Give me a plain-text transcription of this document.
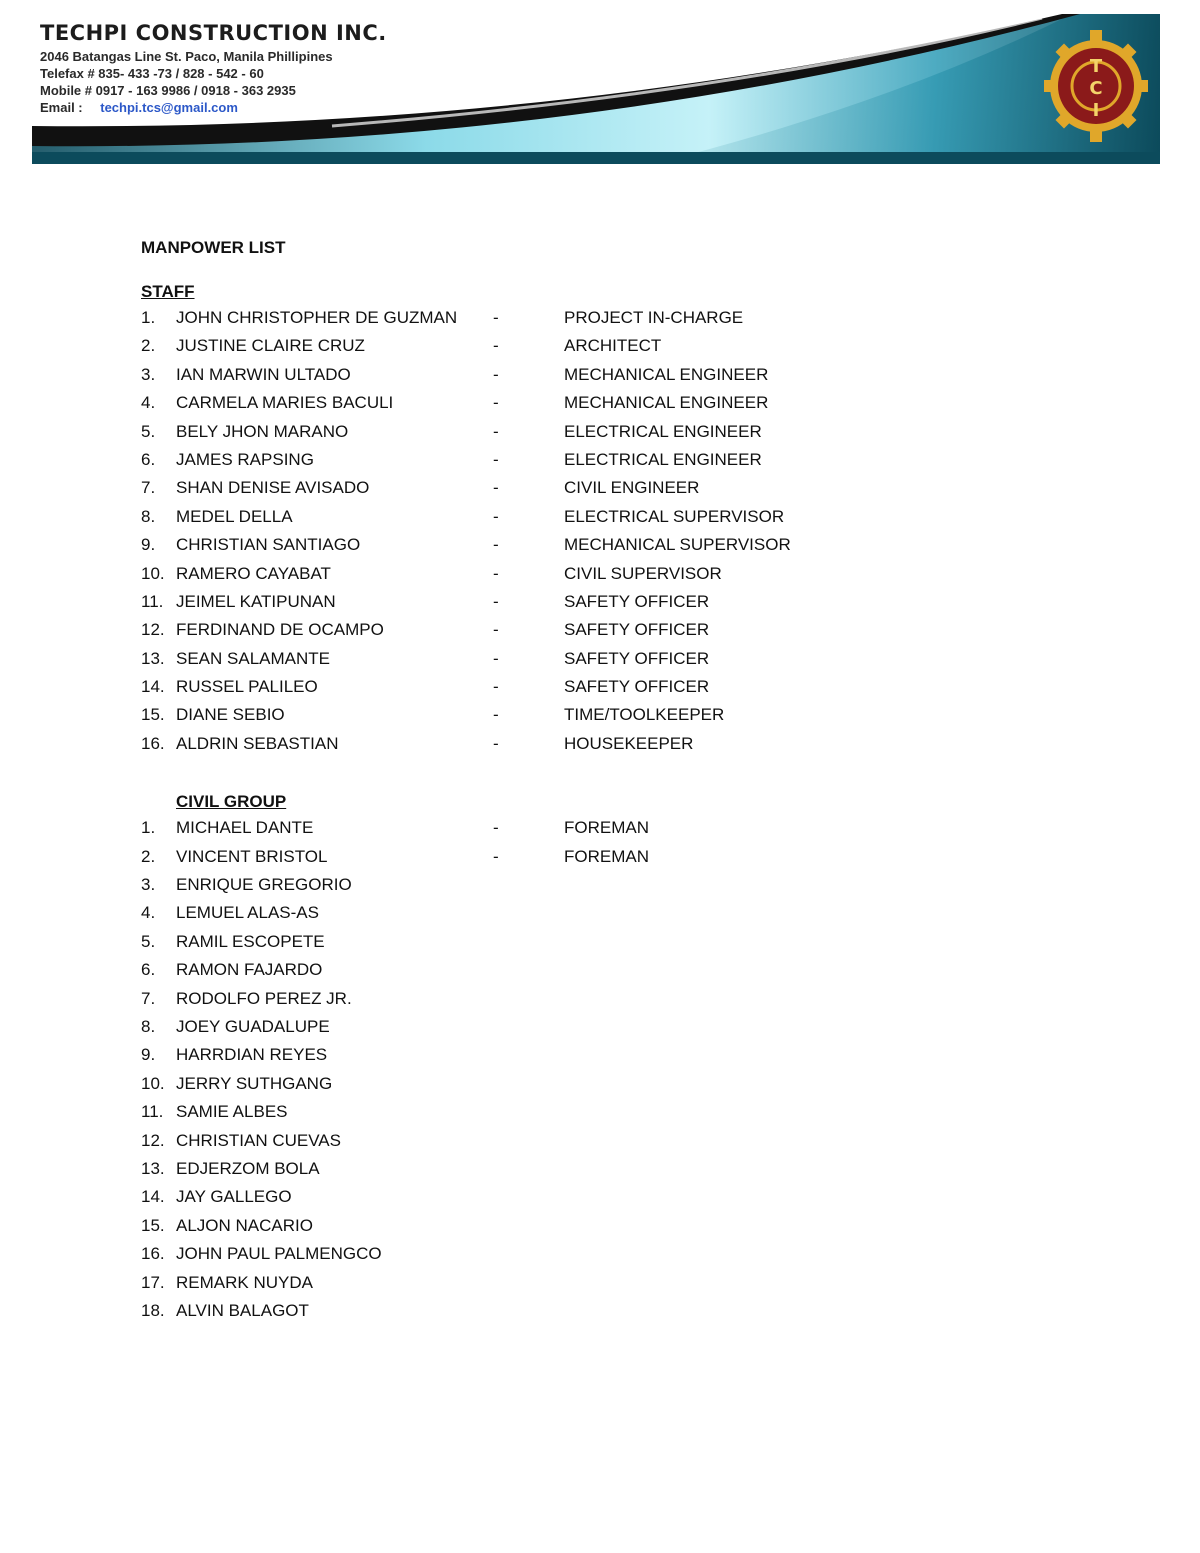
TECHPI CONSTRUCTION INC.
2046 Batangas Line St. Paco, Manila Phillipines
Telefax # 835- 433 -73 / 828 - 542 - 60
Mobile # 0917 - 163 9986 / 0918 - 363 2935
Email : techpi.tcs@gmail.com
T
C
I
MANPOWER LIST
STAFF
1. JOHN CHRISTOPHER DE GUZMAN -	PROJECT IN-CHARGE
2. JUSTINE CLAIRE CRUZ	-	ARCHITECT
3. IAN MARWIN ULTADO	-	MECHANICAL ENGINEER
4. CARMELA MARIES BACULI	-	MECHANICAL ENGINEER
5. BELY JHON MARANO	-	ELECTRICAL ENGINEER
6. JAMES RAPSING	-	ELECTRICAL ENGINEER
7. SHAN DENISE AVISADO	-	CIVIL ENGINEER
8. MEDEL DELLA	-	ELECTRICAL SUPERVISOR
9. CHRISTIAN SANTIAGO	-	MECHANICAL SUPERVISOR
10. RAMERO CAYABAT	-	CIVIL SUPERVISOR
11. JEIMEL KATIPUNAN	-	SAFETY OFFICER
12. FERDINAND DE OCAMPO	-	SAFETY OFFICER
13. SEAN SALAMANTE	-	SAFETY OFFICER
14. RUSSEL PALILEO	-	SAFETY OFFICER
15. DIANE SEBIO	-	TIME/TOOLKEEPER
16. ALDRIN SEBASTIAN	-	HOUSEKEEPER
CIVIL GROUP
1. MICHAEL DANTE	-	FOREMAN
2. VINCENT BRISTOL	-	FOREMAN
3. ENRIQUE GREGORIO
4. LEMUEL ALAS-AS
5. RAMIL ESCOPETE
6. RAMON FAJARDO
7. RODOLFO PEREZ JR.
8. JOEY GUADALUPE
9. HARRDIAN REYES
10. JERRY SUTHGANG
11. SAMIE ALBES
12. CHRISTIAN CUEVAS
13. EDJERZOM BOLA
14. JAY GALLEGO
15. ALJON NACARIO
16. JOHN PAUL PALMENGCO
17. REMARK NUYDA
18. ALVIN BALAGOT
